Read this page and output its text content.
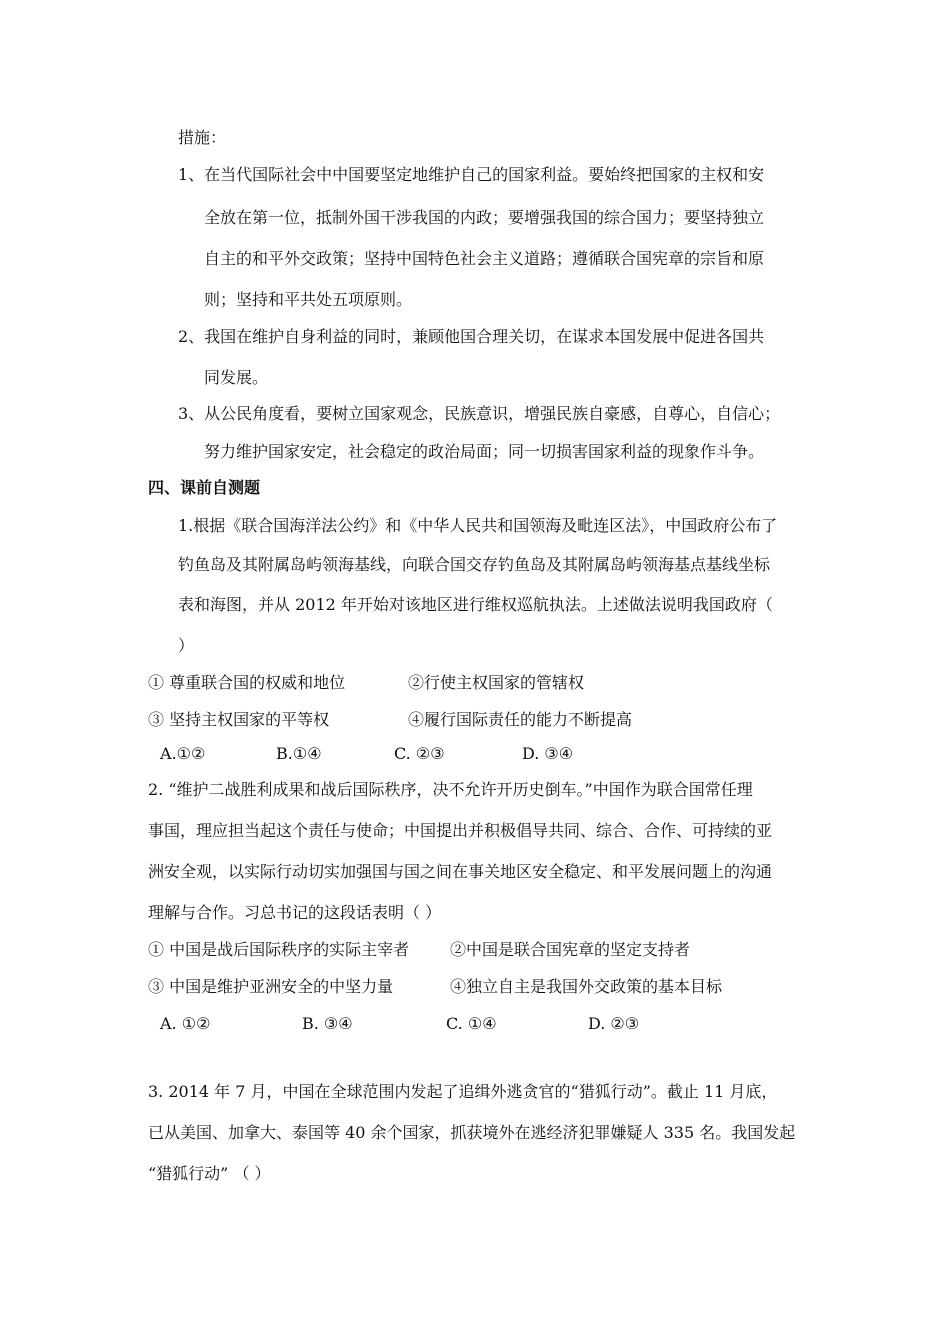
措施：
1、在当代国际社会中中国要坚定地维护自己的国家利益。要始终把国家的主权和安
全放在第一位，抵制外国干涉我国的内政；要增强我国的综合国力；要坚持独立
自主的和平外交政策；坚持中国特色社会主义道路；遵循联合国宪章的宗旨和原
则；坚持和平共处五项原则。
2、我国在维护自身利益的同时，兼顾他国合理关切，在谋求本国发展中促进各国共
同发展。
3、从公民角度看，要树立国家观念，民族意识，增强民族自豪感，自尊心，自信心；
努力维护国家安定，社会稳定的政治局面；同一切损害国家利益的现象作斗争。
四、课前自测题
1.根据《联合国海洋法公约》和《中华人民共和国领海及毗连区法》，中国政府公布了
钓鱼岛及其附属岛屿领海基线，向联合国交存钓鱼岛及其附属岛屿领海基点基线坐标
表和海图，并从 2012 年开始对该地区进行维权巡航执法。上述做法说明我国政府（
）
① 尊重联合国的权威和地位	②行使主权国家的管辖权
③ 坚持主权国家的平等权	④履行国际责任的能力不断提高
A.①②	B.①④	C. ②③	D. ③④
2. “维护二战胜利成果和战后国际秩序，决不允许开历史倒车。”中国作为联合国常任理
事国，理应担当起这个责任与使命；中国提出并积极倡导共同、综合、合作、可持续的亚
洲安全观，以实际行动切实加强国与国之间在事关地区安全稳定、和平发展问题上的沟通
理解与合作。习总书记的这段话表明（ ）
① 中国是战后国际秩序的实际主宰者	②中国是联合国宪章的坚定支持者
③ 中国是维护亚洲安全的中坚力量	④独立自主是我国外交政策的基本目标
A. ①②	B. ③④	C. ①④	D. ②③
3. 2014 年 7 月，中国在全球范围内发起了追缉外逃贪官的“猎狐行动”。截止 11 月底，
已从美国、加拿大、泰国等 40 余个国家，抓获境外在逃经济犯罪嫌疑人 335 名。我国发起
“猎狐行动” （ ）
